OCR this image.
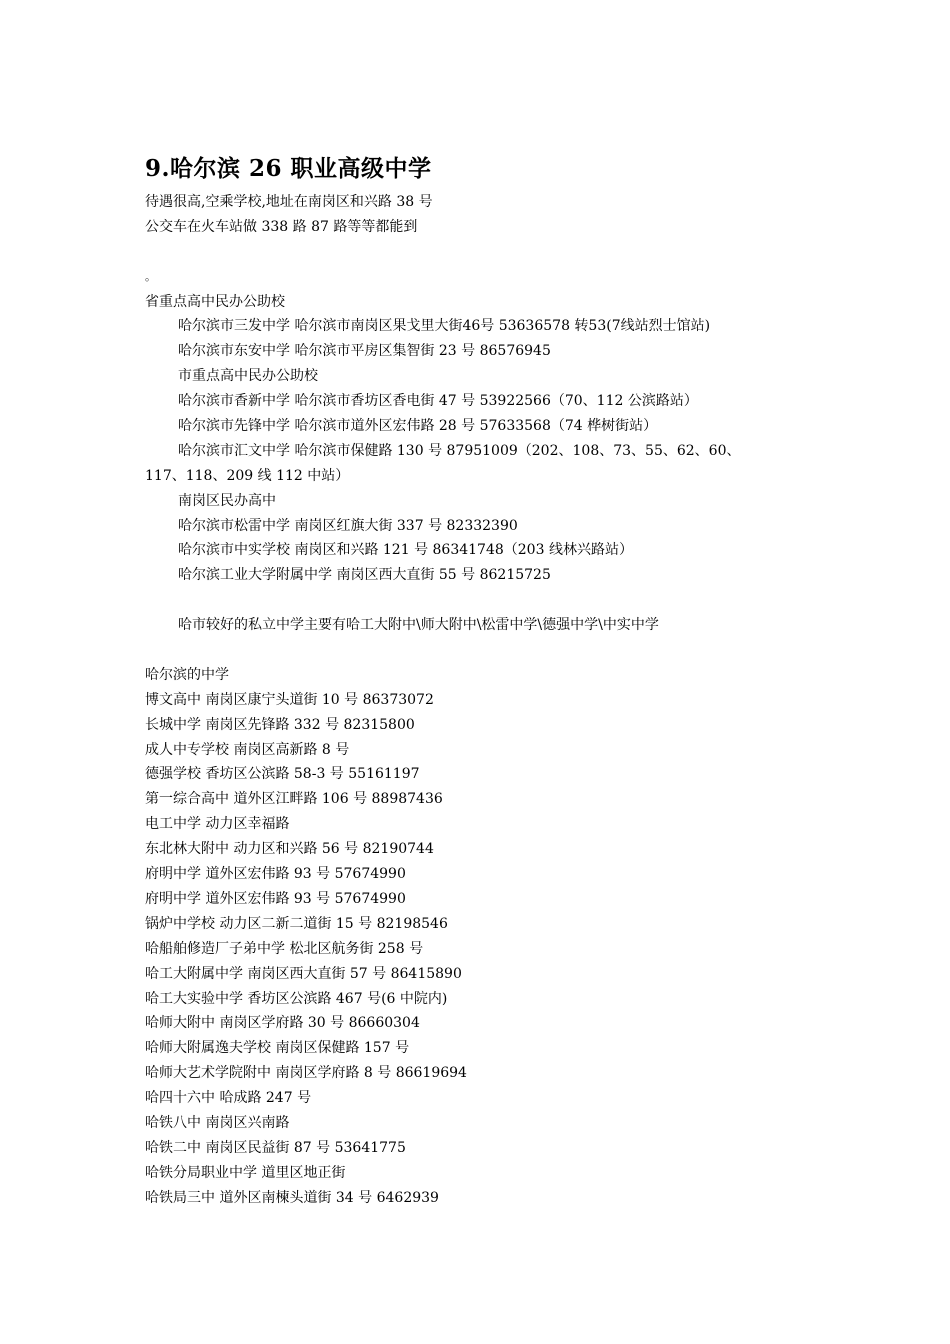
9.哈尔滨 26 职业高级中学
待遇很高,空乘学校,地址在南岗区和兴路 38 号
公交车在火车站做 338 路 87 路等等都能到
。
省重点高中民办公助校
哈尔滨市三发中学 哈尔滨市南岗区果戈里大街46号 53636578 转53(7线站烈士馆站)
哈尔滨市东安中学 哈尔滨市平房区集智街 23 号 86576945
市重点高中民办公助校
哈尔滨市香新中学 哈尔滨市香坊区香电街 47 号 53922566（70、112 公滨路站）
哈尔滨市先锋中学 哈尔滨市道外区宏伟路 28 号 57633568（74 桦树街站）
哈尔滨市汇文中学 哈尔滨市保健路 130 号 87951009（202、108、73、55、62、60、
117、118、209 线 112 中站）
南岗区民办高中
哈尔滨市松雷中学 南岗区红旗大街 337 号 82332390
哈尔滨市中实学校 南岗区和兴路 121 号 86341748（203 线林兴路站）
哈尔滨工业大学附属中学 南岗区西大直街 55 号 86215725
哈市较好的私立中学主要有哈工大附中\师大附中\松雷中学\德强中学\中实中学
哈尔滨的中学
博文高中 南岗区康宁头道街 10 号 86373072
长城中学 南岗区先锋路 332 号 82315800
成人中专学校 南岗区高新路 8 号
德强学校 香坊区公滨路 58-3 号 55161197
第一综合高中 道外区江畔路 106 号 88987436
电工中学 动力区幸福路
东北林大附中 动力区和兴路 56 号 82190744
府明中学 道外区宏伟路 93 号 57674990
府明中学 道外区宏伟路 93 号 57674990
锅炉中学校 动力区二新二道街 15 号 82198546
哈船舶修造厂子弟中学 松北区航务街 258 号
哈工大附属中学 南岗区西大直街 57 号 86415890
哈工大实验中学 香坊区公滨路 467 号(6 中院内)
哈师大附中 南岗区学府路 30 号 86660304
哈师大附属逸夫学校 南岗区保健路 157 号
哈师大艺术学院附中 南岗区学府路 8 号 86619694
哈四十六中 哈成路 247 号
哈铁八中 南岗区兴南路
哈铁二中 南岗区民益街 87 号 53641775
哈铁分局职业中学 道里区地正街
哈铁局三中 道外区南楝头道街 34 号 6462939
